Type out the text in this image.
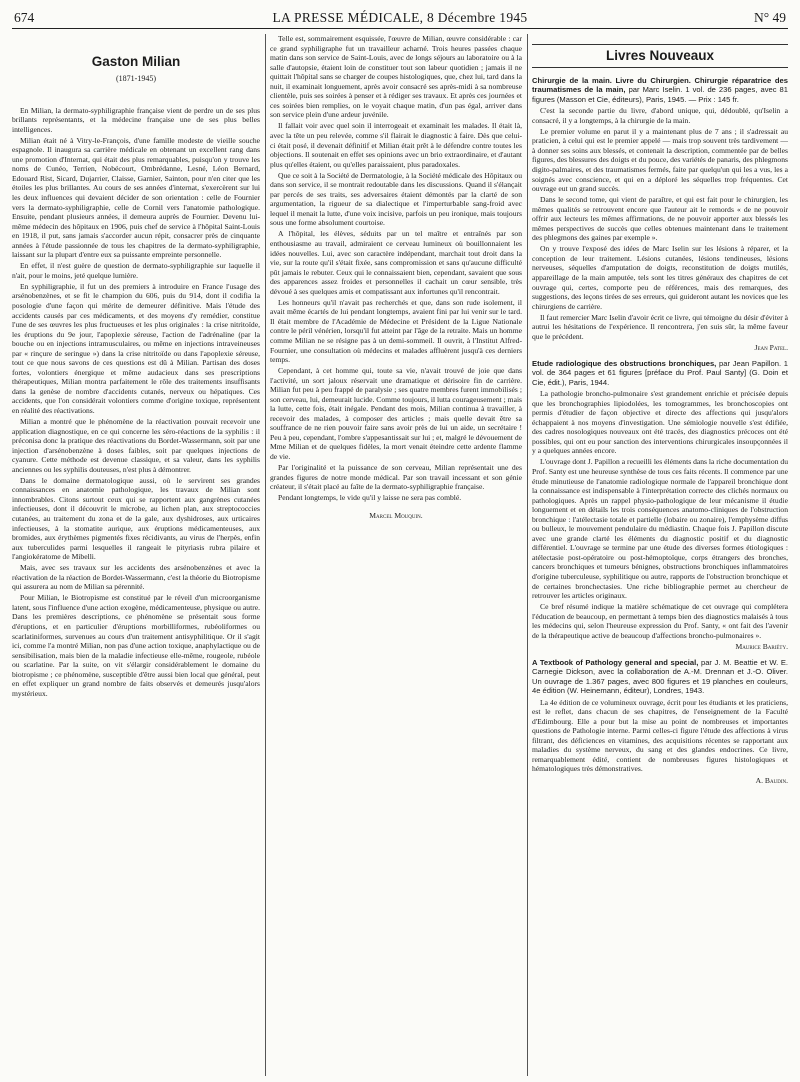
674	LA PRESSE MÉDICALE, 8 Décembre 1945	N° 49
Gaston Milian
(1871-1945)

En Milian, la dermato-syphiligraphie française vient de perdre un de ses plus brillants représentants, et la médecine française une de ses plus belles intelligences.

Milian était né à Vitry-le-François, d'une famille modeste de vieille souche espagnole. Il inaugura sa carrière médicale en obtenant un excellent rang dans une promotion d'Internat, qui était des plus remarquables, puisqu'on y trouve les noms de Cunéo, Terrien, Nobécourt, Ombrédanne, Lesné, Léon Bernard, Edouard Rist, Sicard, Dujarrier, Claisse, Garnier, Sainton, pour n'en citer que les étoiles les plus brillantes. Au cours de ses années d'internat, s'exercèrent sur lui les deux influences qui devaient décider de son orientation : celle de Fournier vers la dermato-syphiligraphie, celle de Cornil vers l'anatomie pathologique. Ensuite, pendant plusieurs années, il demeura auprès de Fournier. Devenu lui-même médecin des hôpitaux en 1906, puis chef de service à l'hôpital Saint-Louis en 1918, il put, sans jamais s'accorder aucun répit, consacrer près de cinquante années à l'étude passionnée de tous les chapitres de la dermato-syphiligraphie, laissant sur la plupart d'entre eux sa puissante empreinte personnelle.

En effet, il n'est guère de question de dermato-syphiligraphie sur laquelle il n'ait, pour le moins, jeté quelque lumière.

En syphiligraphie, il fut un des premiers à introduire en France l'usage des arsénobenzènes, et se fit le champion du 606, puis du 914, dont il codifia la posologie d'une façon qui mérite de demeurer définitive. Mais l'étude des accidents causés par ces médicaments, et des moyens d'y remédier, constitue l'une de ses œuvres les plus fructueuses et les plus originales : la crise nitritoïde, les éruptions du 9e jour, l'apoplexie séreuse, l'action de l'adrénaline (par la bouche ou en injections intramusculaires, ou même en injections intraveineuses par « rinçure de seringue ») dans la crise nitritoïde ou dans l'apoplexie séreuse, tout ce que nous savons de ces questions est dû à Milian. Partisan des doses fortes, volontiers énergique et même audacieux dans ses prescriptions thérapeutiques, Milian montra parfaitement le rôle des traitements insuffisants dans la genèse de nombre d'accidents cutanés, nerveux ou hépatiques. Ces accidents, que l'on considérait volontiers comme d'origine toxique, représentent en réalité des réactivations.

Milian a montré que le phénomène de la réactivation pouvait recevoir une application diagnostique, en ce qui concerne les séro-réactions de la syphilis : il préconisa donc la pratique des réactivations du Bordet-Wassermann, soit par une injection d'arsénobenzène à doses faibles, soit par quelques injections de cyanure. Cette méthode est devenue classique, et sa valeur, dans les syphilis anciennes ou les syphilis douteuses, n'est plus à démontrer.

Dans le domaine dermatologique aussi, où le servirent ses grandes connaissances en anatomie pathologique, les travaux de Milian sont innombrables. Citons surtout ceux qui se rapportent aux gangrènes cutanées infectieuses, dont il découvrit le microbe, au lichen plan, aux streptococcies cutanées, au traitement du zona et de la gale, aux dyshidroses, aux urticaires infectieuses, à la stomatite aurique, aux éruptions médicamenteuses, aux bromides, aux érythèmes pigmentés fixes récidivants, au virus de l'herpès, enfin aux tuberculides parmi lesquelles il rangeait le pityriasis rubra pilaire et l'angiokératome de Mibelli.

Mais, avec ses travaux sur les accidents des arsénobenzènes et avec la réactivation de la réaction de Bordet-Wassermann, c'est la théorie du Biotropisme qui assurera au nom de Milian sa pérennité.

Pour Milian, le Biotropisme est constitué par le réveil d'un microorganisme latent, sous l'influence d'une action exogène, médicamenteuse, physique ou autre. Dans les premières descriptions, ce phénomène se présentait sous forme d'éruptions, et en particulier d'éruptions morbilliformes, rubéoliformes ou scarlatiniformes, survenues au cours d'un traitement antisyphilitique. Or il s'agit ici, comme l'a montré Milian, non pas d'une action toxique, anaphylactique ou de sensibilisation, mais bien de la maladie infectieuse elle-même, rougeole, rubéole ou scarlatine. Par la suite, on vit s'élargir considérablement le domaine du biotropisme ; ce phénomène, susceptible d'être aussi bien local que général, peut en effet expliquer un grand nombre de faits observés et demeurés jusqu'alors mystérieux.

Telle est, sommairement esquissée, l'œuvre de Milian, œuvre considérable : car ce grand syphiligraphe fut un travailleur acharné. Trois heures passées chaque matin dans son service de Saint-Louis, avec de longs séjours au laboratoire ou à la salle d'autopsie, étaient loin de constituer tout son labeur quotidien ; jamais il ne quittait l'hôpital sans se charger de coupes histologiques, que, chez lui, tard dans la nuit, il examinait longuement, après avoir consacré ses après-midi à sa nombreuse clientèle, puis ses soirées à penser et à rédiger ses travaux. Et après ces journées et ces soirées bien remplies, on le voyait chaque matin, d'un pas égal, arriver dans son service plein d'une ardeur juvénile.

Il fallait voir avec quel soin il interrogeait et examinait les malades. Il était là, avec la tête un peu relevée, comme s'il flairait le diagnostic à faire. Dès que celui-ci était posé, il devenait définitif et Milian était prêt à le défendre contre toutes les objections. Il soutenait en effet ses opinions avec un brio extraordinaire, et d'autant plus qu'elles étaient, ou qu'elles paraissaient, plus paradoxales.

Que ce soit à la Société de Dermatologie, à la Société médicale des Hôpitaux ou dans son service, il se montrait redoutable dans les discussions. Quand il s'élançait par percés de ses traits, ses adversaires étaient démontés par la clarté de son argumentation, la rigueur de sa dialectique et l'imperturbable sang-froid avec lequel il menait la lutte, d'une voix incisive, parfois un peu ironique, mais toujours sous une forme absolument courtoise.

A l'hôpital, les élèves, séduits par un tel maître et entraînés par son enthousiasme au travail, admiraient ce cerveau lumineux où bouillonnaient les idées nouvelles. Lui, avec son caractère indépendant, marchait tout droit dans la vie, sur la route qu'il s'était fixée, sans compromission et sans qu'aucune difficulté pût jamais le rebuter. Ceux qui le connaissaient bien, cependant, savaient que sous des apparences assez froides et personnelles il cachait un cœur sensible, très dévoué à ses quelques amis et compatissant aux infortunes qu'il rencontrait.

Les honneurs qu'il n'avait pas recherchés et que, dans son rude isolement, il avait même écartés de lui pendant longtemps, avaient fini par lui venir sur le tard. Il était membre de l'Académie de Médecine et Président de la Ligue Nationale contre le péril vénérien, lorsqu'il fut atteint par l'âge de la retraite. Mais un homme comme Milian ne se résigne pas à un demi-sommeil. Il ouvrit, à l'Institut Alfred-Fournier, une consultation où médecins et malades affluèrent jusqu'à ces derniers temps.

Cependant, à cet homme qui, toute sa vie, n'avait trouvé de joie que dans l'activité, un sort jaloux réservait une dramatique et dérisoire fin de carrière. Milian fut peu à peu frappé de paralysie ; ses quatre membres furent immobilisés ; son cerveau, lui, demeurait lucide. Comme toujours, il lutta courageusement ; mais la lutte, cette fois, était inégale. Pendant des mois, Milian continua à travailler, à recevoir des malades, à composer des articles ; mais quelle devait être sa souffrance de ne rien pouvoir faire sans avoir près de lui un aide, un secrétaire ! Peu à peu, cependant, l'ombre s'appesantissait sur lui ; et, malgré le dévouement de Mme Milian et de quelques fidèles, la mort venait éteindre cette ardente flamme de vie.

Par l'originalité et la puissance de son cerveau, Milian représentait une des grandes figures de notre monde médical. Par son travail incessant et son génie créateur, il s'était placé au faîte de la dermato-syphiligraphie française.

Pendant longtemps, le vide qu'il y laisse ne sera pas comblé.

Marcel Mouquin.
Livres Nouveaux
Chirurgie de la main. Livre du Chirurgien. Chirurgie réparatrice des traumatismes de la main, par Marc Iselin. 1 vol. de 236 pages, avec 81 figures (Masson et Cie, éditeurs), Paris, 1945. — Prix : 145 fr.

C'est la seconde partie du livre, d'abord unique, qui, dédoublé, qu'Iselin a consacré, il y a longtemps, à la chirurgie de la main.

Le premier volume en parut il y a maintenant plus de 7 ans ; il s'adressait au praticien, à celui qui est le premier appelé — mais trop souvent très tardivement — à donner ses soins aux blessés, et contenait la description, commentée par de belles figures, des blessures des doigts et du pouce, des variétés de panaris, des phlegmons digito-palmaires, et des traumatismes fermés, faite par quelqu'un qui les a vus, les a soignés avec conscience, et qui en a déploré les séquelles trop fréquentes. Cet ouvrage eut un grand succès.

Dans le second tome, qui vient de paraître, et qui est fait pour le chirurgien, les mêmes qualités se retrouvent encore que l'auteur ait le remords « de ne pouvoir offrir aux lecteurs les mêmes affirmations, de ne pouvoir apporter aux blessés les mêmes perspectives de succès que celles obtenues maintenant dans le traitement des phlegmons des gaines par exemple ».

On y trouve l'exposé des idées de Marc Iselin sur les lésions à réparer, et la conception de leur traitement. Lésions cutanées, lésions tendineuses, lésions nerveuses, séquelles d'amputation de doigts, reconstitution de doigts mutilés, appareillage de la main amputée, tels sont les titres généraux des chapitres de cet ouvrage qui, certes, comporte peu de références, mais des remarques, des suggestions, des leçons tirées de ses erreurs, qui guideront autant les novices que les chirurgiens de carrière.

Il faut remercier Marc Iselin d'avoir écrit ce livre, qui témoigne du désir d'éviter à autrui les hésitations de l'expérience. Il rencontrera, j'en suis sûr, la même faveur que le précédent.

Jean Patel.
Etude radiologique des obstructions bronchiques, par Jean Papillon. 1 vol. de 364 pages et 61 figures [préface du Prof. Paul Santy] (G. Doin et Cie, édit.), Paris, 1944.

La pathologie broncho-pulmonaire s'est grandement enrichie et précisée depuis que les bronchographies lipiodolées, les tomogrammes, les bronchoscopies ont permis d'étudier de façon objective et directe des affections qui jusqu'alors échappaient à nos moyens d'investigation. Une sémiologie nouvelle s'est édifiée, des cadres nosologiques nouveaux ont été tracés, des diagnostics précoces ont été possibles, qui ont eu pour sanction des interventions chirurgicales insoupçonnées il y a quelques années encore.

L'ouvrage dont J. Papillon a recueilli les éléments dans la riche documentation du Prof. Santy est une heureuse synthèse de tous ces faits récents. Il commence par une étude minutieuse de l'anatomie radiologique normale de l'appareil bronchique dont la connaissance est indispensable à l'interprétation correcte des clichés normaux ou pathologiques. Après un rappel physio-pathologique de leur mécanisme il étudie longuement et en détails les trois conséquences anatomo-cliniques de l'obstruction bronchique : l'atélectasie totale et partielle (lobaire ou zonaire), l'emphysème diffus ou bulleux, le mouvement pendulaire du médiastin. Chaque fois J. Papillon discute avec une grande clarté les éléments du diagnostic positif et du diagnostic différentiel. L'ouvrage se termine par une étude des diverses formes étiologiques : atélectasie post-opératoire ou post-hémoptoïque, corps étrangers des bronches, cancers bronchiques et tumeurs bénignes, obstructions bronchiques inflammatoires d'origine tuberculeuse, syphilitique ou autre, rapports de l'obstruction bronchique et de certaines bronchectasies. Une riche bibliographie permet au chercheur de retrouver les articles originaux.

Ce bref résumé indique la matière schématique de cet ouvrage qui complétera l'éducation de beaucoup, en permettant à temps bien des diagnostics malaisés à tous les médecins qui, selon l'heureuse expression du Prof. Santy, « ont fait des l'avenir de la thérapeutique active de beaucoup d'affections broncho-pulmonaires ».

Maurice Bariéty.
A Textbook of Pathology general and special, par J. M. Beattie et W. E. Carnegie Dickson, avec la collaboration de A.-M. Drennan et J.-O. Oliver. Un ouvrage de 1.367 pages, avec 800 figures et 19 planches en couleurs, 4e édition (W. Heinemann, éditeur), Londres, 1943.

La 4e édition de ce volumineux ouvrage, écrit pour les étudiants et les praticiens, est le reflet, dans chacun de ses chapitres, de l'enseignement de la Faculté d'Edimbourg. Elle a pour but la mise au point de nombreuses et importantes questions de Pathologie interne. Parmi celles-ci figure l'étude des affections à virus filtrant, des déficiences en vitamines, des acquisitions récentes se rapportant aux maladies du système nerveux, du sang et des glandes endocrines. Ce livre, remarquablement édité, contient de nombreuses figures histologiques et hématologiques très démonstratives.

A. Baudin.
